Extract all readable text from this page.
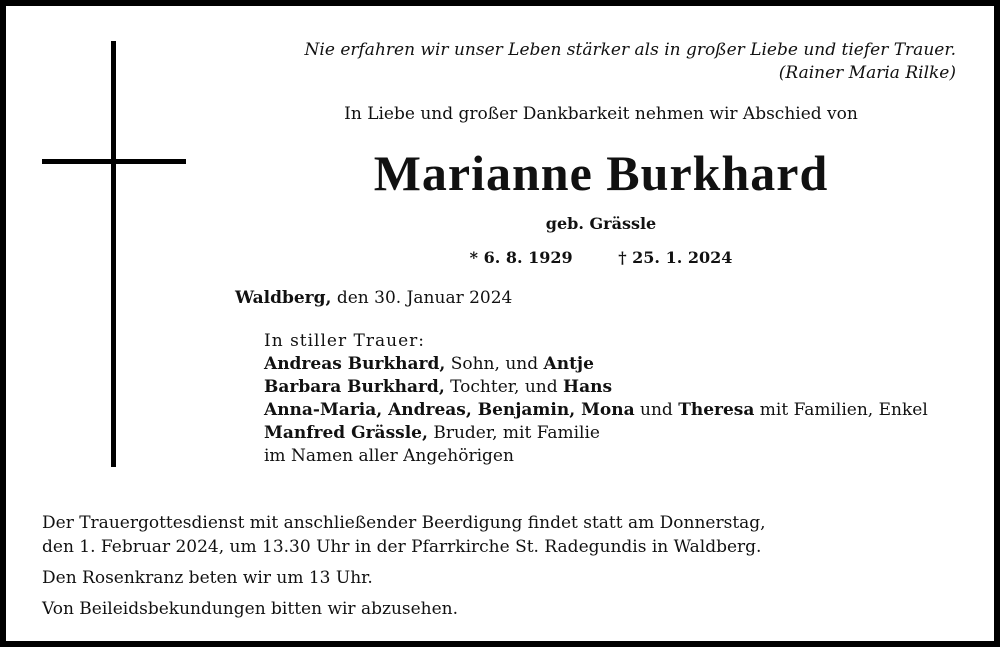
Nie erfahren wir unser Leben stärker als in großer Liebe und tiefer Trauer.
(Rainer Maria Rilke)
In Liebe und großer Dankbarkeit nehmen wir Abschied von
Marianne Burkhard
geb. Grässle
* 6. 8. 1929	† 25. 1. 2024
Waldberg, den 30. Januar 2024
In stiller Trauer:
Andreas Burkhard, Sohn, und Antje
Barbara Burkhard, Tochter, und Hans
Anna-Maria, Andreas, Benjamin, Mona und Theresa mit Familien, Enkel
Manfred Grässle, Bruder, mit Familie
im Namen aller Angehörigen
Der Trauergottesdienst mit anschließender Beerdigung findet statt am Donnerstag,
den 1. Februar 2024, um 13.30 Uhr in der Pfarrkirche St. Radegundis in Waldberg.
Den Rosenkranz beten wir um 13 Uhr.
Von Beileidsbekundungen bitten wir abzusehen.
